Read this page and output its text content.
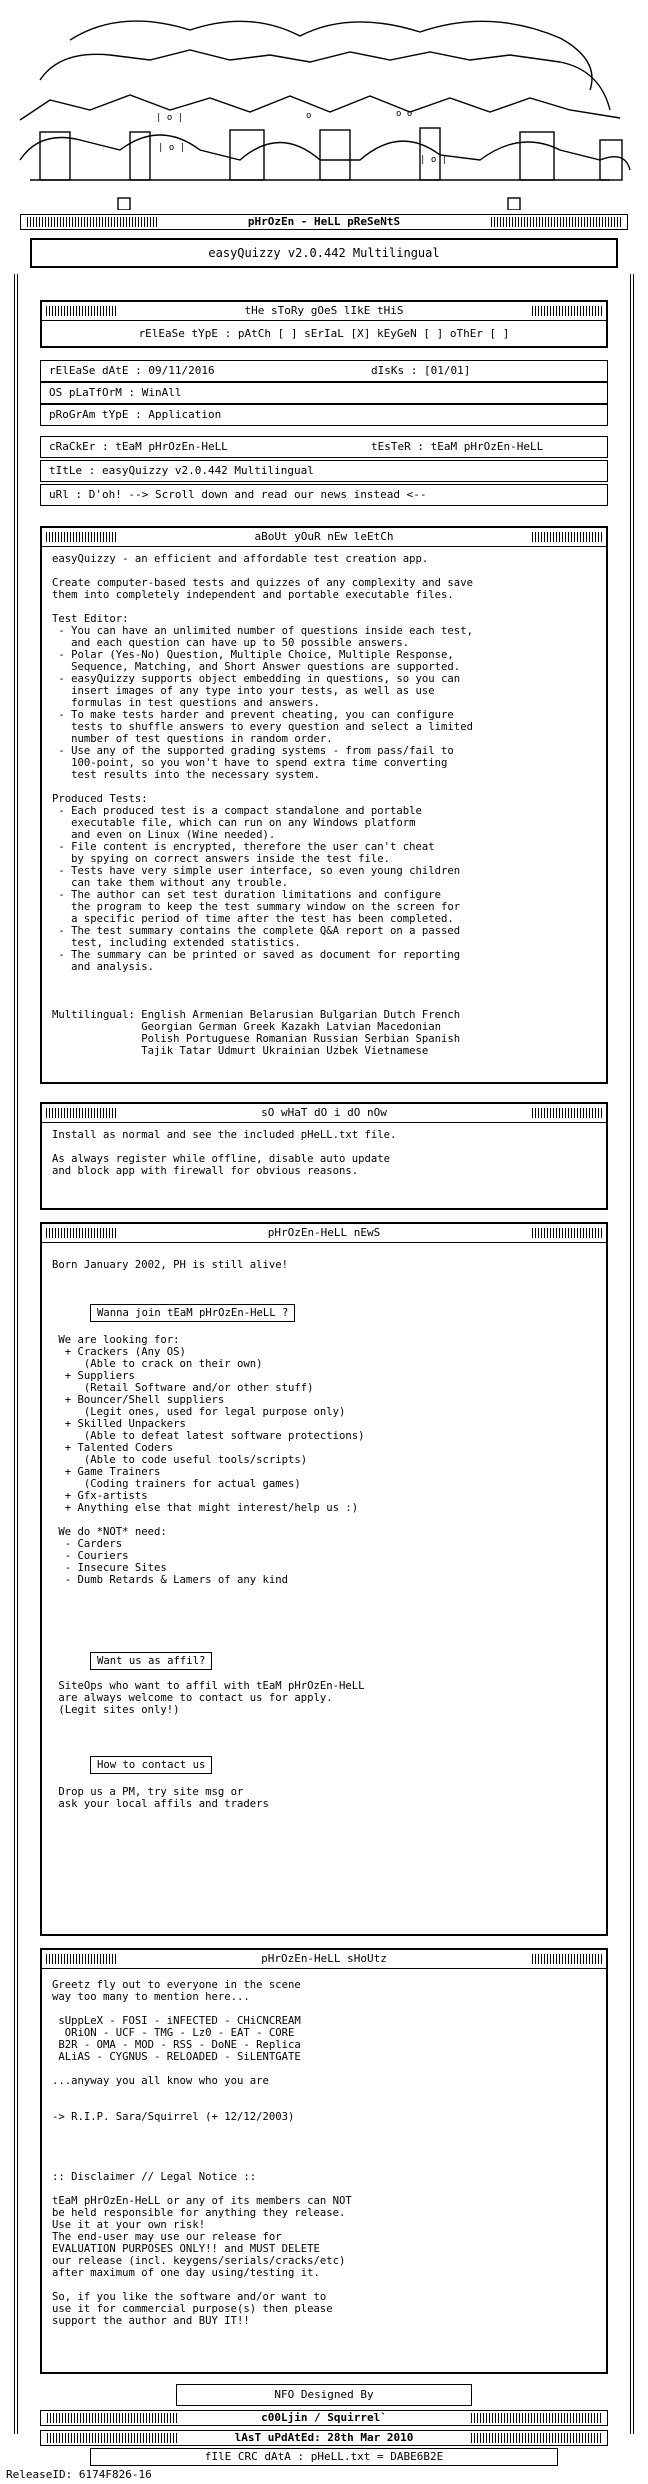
| o |	o	o o
| o |
| o |
pHrOzEn - HeLL pReSeNtS
easyQuizzy v2.0.442 Multilingual
tHe sToRy gOeS lIkE tHiS
rElEaSe tYpE : pAtCh [ ] sErIaL [X] kEyGeN [ ] oThEr [ ]
rElEaSe dAtE : 09/11/2016	dIsKs : [01/01]
OS pLaTfOrM : WinAll
pRoGrAm tYpE : Application
cRaCkEr : tEaM pHrOzEn-HeLL	tEsTeR : tEaM pHrOzEn-HeLL
tItLe : easyQuizzy v2.0.442 Multilingual
uRl : D'oh! --> Scroll down and read our news instead <--
aBoUt yOuR nEw leEtCh
easyQuizzy - an efficient and affordable test creation app.

Create computer-based tests and quizzes of any complexity and save
them into completely independent and portable executable files.

Test Editor:
- You can have an unlimited number of questions inside each test,
and each question can have up to 50 possible answers.
- Polar (Yes-No) Question, Multiple Choice, Multiple Response,
Sequence, Matching, and Short Answer questions are supported.
- easyQuizzy supports object embedding in questions, so you can
insert images of any type into your tests, as well as use
formulas in test questions and answers.
- To make tests harder and prevent cheating, you can configure
tests to shuffle answers to every question and select a limited
number of test questions in random order.
- Use any of the supported grading systems - from pass/fail to
100-point, so you won't have to spend extra time converting
test results into the necessary system.

Produced Tests:
- Each produced test is a compact standalone and portable
executable file, which can run on any Windows platform
and even on Linux (Wine needed).
- File content is encrypted, therefore the user can't cheat
by spying on correct answers inside the test file.
- Tests have very simple user interface, so even young children
can take them without any trouble.
- The author can set test duration limitations and configure
the program to keep the test summary window on the screen for
a specific period of time after the test has been completed.
- The test summary contains the complete Q&A report on a passed
test, including extended statistics.
- The summary can be printed or saved as document for reporting
and analysis.

Multilingual: English Armenian Belarusian Bulgarian Dutch French
Georgian German Greek Kazakh Latvian Macedonian
Polish Portuguese Romanian Russian Serbian Spanish
Tajik Tatar Udmurt Ukrainian Uzbek Vietnamese
sO wHaT dO i dO nOw
Install as normal and see the included pHeLL.txt file.

As always register while offline, disable auto update
and block app with firewall for obvious reasons.
pHrOzEn-HeLL nEwS
Born January 2002, PH is still alive!
Wanna join tEaM pHrOzEn-HeLL ?
We are looking for:
+ Crackers (Any OS)
(Able to crack on their own)
+ Suppliers
(Retail Software and/or other stuff)
+ Bouncer/Shell suppliers
(Legit ones, used for legal purpose only)
+ Skilled Unpackers
(Able to defeat latest software protections)
+ Talented Coders
(Able to code useful tools/scripts)
+ Game Trainers
(Coding trainers for actual games)
+ Gfx-artists
+ Anything else that might interest/help us :)

We do *NOT* need:
- Carders
- Couriers
- Insecure Sites
- Dumb Retards & Lamers of any kind
Want us as affil?
SiteOps who want to affil with tEaM pHrOzEn-HeLL
are always welcome to contact us for apply.
(Legit sites only!)
How to contact us
Drop us a PM, try site msg or
ask your local affils and traders
pHrOzEn-HeLL sHoUtz
Greetz fly out to everyone in the scene
way too many to mention here...

sUppLeX - FOSI - iNFECTED - CHiCNCREAM
ORiON - UCF - TMG - Lz0 - EAT - CORE
B2R - OMA - MOD - RSS - DoNE - Replica
ALiAS - CYGNUS - RELOADED - SiLENTGATE

...anyway you all know who you are

-> R.I.P. Sara/Squirrel (+ 12/12/2003)

:: Disclaimer // Legal Notice ::

tEaM pHrOzEn-HeLL or any of its members can NOT
be held responsible for anything they release.
Use it at your own risk!
The end-user may use our release for
EVALUATION PURPOSES ONLY!! and MUST DELETE
our release (incl. keygens/serials/cracks/etc)
after maximum of one day using/testing it.

So, if you like the software and/or want to
use it for commercial purpose(s) then please
support the author and BUY IT!!
NFO Designed By
c00Ljin / Squirrel`
lAsT uPdAtEd: 28th Mar 2010
fIlE CRC dAtA : pHeLL.txt = DABE6B2E
ReleaseID: 6174F826-16
